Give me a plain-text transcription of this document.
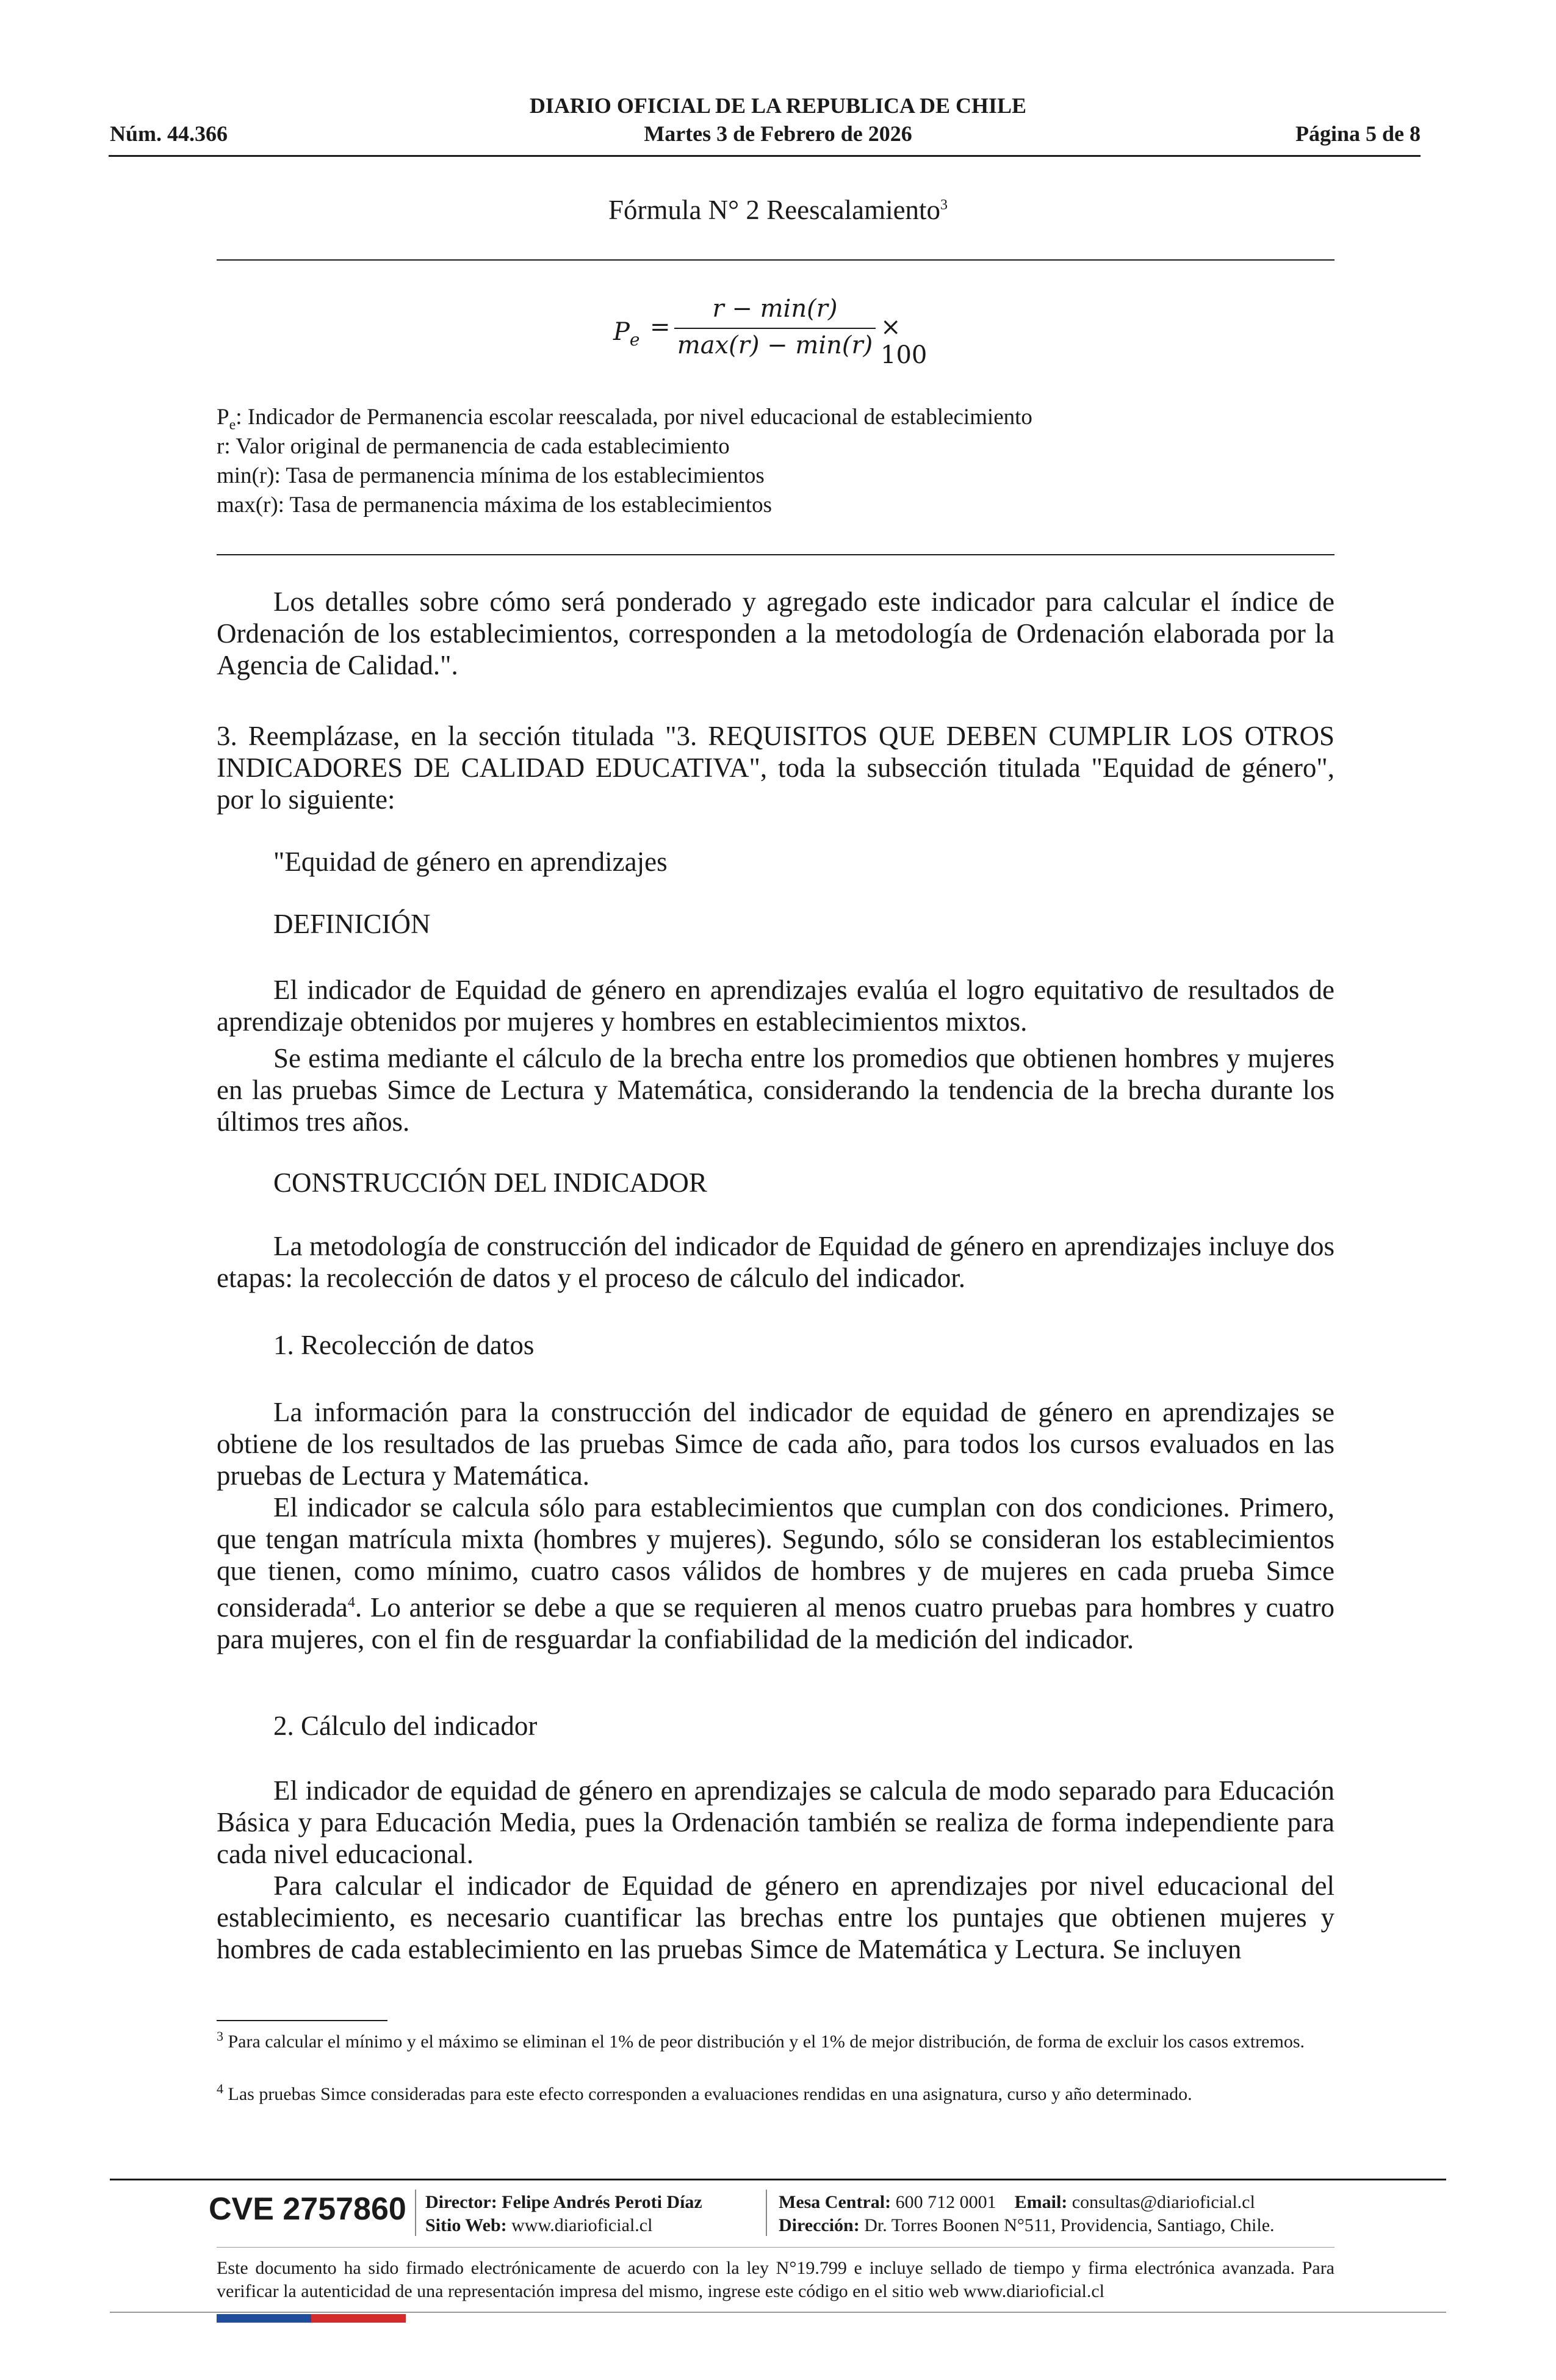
DIARIO OFICIAL DE LA REPUBLICA DE CHILE
Núm. 44.366	Martes 3 de Febrero de 2026	Página 5 de 8
Fórmula N° 2 Reescalamiento$^3$
$P_e$ =
r − min(r)
max(r) − min(r)
× 100
$P_e$: Indicador de Permanencia escolar reescalada, por nivel educacional de establecimiento
r: Valor original de permanencia de cada establecimiento
min(r): Tasa de permanencia mínima de los establecimientos
max(r): Tasa de permanencia máxima de los establecimientos
Los detalles sobre cómo será ponderado y agregado este indicador para calcular el índice de Ordenación de los establecimientos, corresponden a la metodología de Ordenación elaborada por la Agencia de Calidad.".
3. Reemplázase, en la sección titulada "3. REQUISITOS QUE DEBEN CUMPLIR LOS OTROS INDICADORES DE CALIDAD EDUCATIVA", toda la subsección titulada "Equidad de género", por lo siguiente:
"Equidad de género en aprendizajes
DEFINICIÓN
El indicador de Equidad de género en aprendizajes evalúa el logro equitativo de resultados de aprendizaje obtenidos por mujeres y hombres en establecimientos mixtos.
Se estima mediante el cálculo de la brecha entre los promedios que obtienen hombres y mujeres en las pruebas Simce de Lectura y Matemática, considerando la tendencia de la brecha durante los últimos tres años.
CONSTRUCCIÓN DEL INDICADOR
La metodología de construcción del indicador de Equidad de género en aprendizajes incluye dos etapas: la recolección de datos y el proceso de cálculo del indicador.
1. Recolección de datos
La información para la construcción del indicador de equidad de género en aprendizajes se obtiene de los resultados de las pruebas Simce de cada año, para todos los cursos evaluados en las pruebas de Lectura y Matemática.
El indicador se calcula sólo para establecimientos que cumplan con dos condiciones. Primero, que tengan matrícula mixta (hombres y mujeres). Segundo, sólo se consideran los establecimientos que tienen, como mínimo, cuatro casos válidos de hombres y de mujeres en cada prueba Simce considerada$^4$. Lo anterior se debe a que se requieren al menos cuatro pruebas para hombres y cuatro para mujeres, con el fin de resguardar la confiabilidad de la medición del indicador.
2. Cálculo del indicador
El indicador de equidad de género en aprendizajes se calcula de modo separado para Educación Básica y para Educación Media, pues la Ordenación también se realiza de forma independiente para cada nivel educacional.
Para calcular el indicador de Equidad de género en aprendizajes por nivel educacional del establecimiento, es necesario cuantificar las brechas entre los puntajes que obtienen mujeres y hombres de cada establecimiento en las pruebas Simce de Matemática y Lectura. Se incluyen
$^3$ Para calcular el mínimo y el máximo se eliminan el 1% de peor distribución y el 1% de mejor distribución, de forma de excluir los casos extremos.
$^4$ Las pruebas Simce consideradas para este efecto corresponden a evaluaciones rendidas en una asignatura, curso y año determinado.
CVE 2757860 Director: Felipe Andrés Peroti Díaz
Sitio Web: www.diarioficial.cl
Mesa Central: 600 712 0001 Email: consultas@diarioficial.cl
Dirección: Dr. Torres Boonen N°511, Providencia, Santiago, Chile.
Este documento ha sido firmado electrónicamente de acuerdo con la ley N°19.799 e incluye sellado de tiempo y firma electrónica avanzada. Para verificar la autenticidad de una representación impresa del mismo, ingrese este código en el sitio web www.diarioficial.cl
